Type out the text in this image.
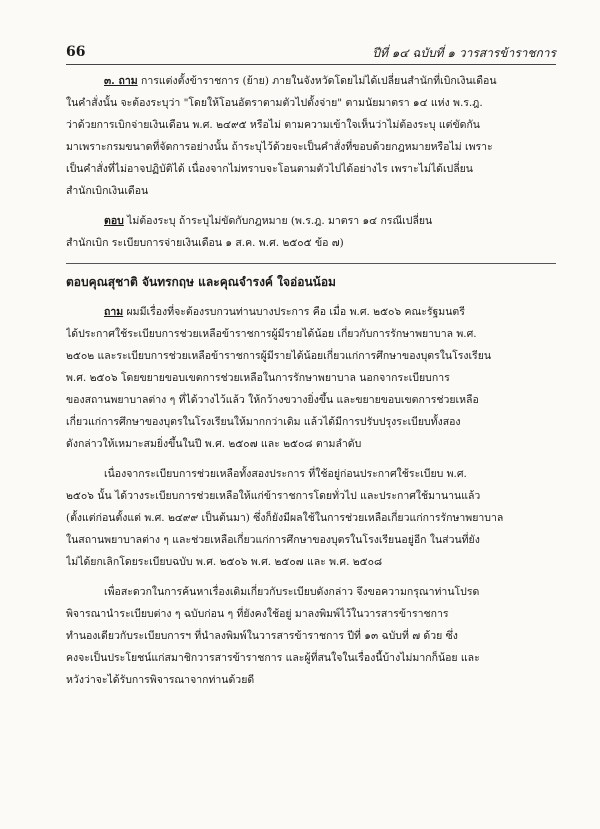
66	ปีที่ ๑๔ ฉบับที่ ๑ วารสารข้าราชการ
๓. ถาม การแต่งตั้งข้าราชการ (ย้าย) ภายในจังหวัดโดยไม่ได้เปลี่ยนสำนักที่เบิกเงินเดือน
ในคำสั่งนั้น จะต้องระบุว่า "โดยให้โอนอัตราตามตัวไปตั้งจ่าย" ตามนัยมาตรา ๑๔ แห่ง พ.ร.ฎ.
ว่าด้วยการเบิกจ่ายเงินเดือน พ.ศ. ๒๔๙๕ หรือไม่ ตามความเข้าใจเห็นว่าไม่ต้องระบุ แต่ขัดกัน
มาเพราะกรมขนาดที่จัดการอย่างนั้น ถ้าระบุไว้ด้วยจะเป็นคำสั่งที่ขอบด้วยกฎหมายหรือไม่ เพราะ
เป็นคำสั่งที่ไม่อาจปฏิบัติได้ เนื่องจากไม่ทราบจะโอนตามตัวไปได้อย่างไร เพราะไม่ได้เปลี่ยน
สำนักเบิกเงินเดือน
ตอบ ไม่ต้องระบุ ถ้าระบุไม่ขัดกับกฎหมาย (พ.ร.ฎ. มาตรา ๑๔ กรณีเปลี่ยน
สำนักเบิก ระเบียบการจ่ายเงินเดือน ๑ ส.ค. พ.ศ. ๒๕๐๕ ข้อ ๗)
ตอบคุณสุชาติ จันทรกฤษ และคุณจำรงค์ ใจอ่อนน้อม
ถาม ผมมีเรื่องที่จะต้องรบกวนท่านบางประการ คือ เมื่อ พ.ศ. ๒๕๐๖ คณะรัฐมนตรี
ได้ประกาศใช้ระเบียบการช่วยเหลือข้าราชการผู้มีรายได้น้อย เกี่ยวกับการรักษาพยาบาล พ.ศ.
๒๕๐๒ และระเบียบการช่วยเหลือข้าราชการผู้มีรายได้น้อยเกี่ยวแก่การศึกษาของบุตรในโรงเรียน
พ.ศ. ๒๕๐๖ โดยขยายขอบเขตการช่วยเหลือในการรักษาพยาบาล นอกจากระเบียบการ
ของสถานพยาบาลต่าง ๆ ที่ได้วางไว้แล้ว ให้กว้างขวางยิ่งขึ้น และขยายขอบเขตการช่วยเหลือ
เกี่ยวแก่การศึกษาของบุตรในโรงเรียนให้มากกว่าเดิม แล้วได้มีการปรับปรุงระเบียบทั้งสอง
ดังกล่าวให้เหมาะสมยิ่งขึ้นในปี พ.ศ. ๒๕๐๗ และ ๒๕๐๘ ตามลำดับ
เนื่องจากระเบียบการช่วยเหลือทั้งสองประการ ที่ใช้อยู่ก่อนประกาศใช้ระเบียบ พ.ศ.
๒๕๐๖ นั้น ได้วางระเบียบการช่วยเหลือให้แก่ข้าราชการโดยทั่วไป และประกาศใช้มานานแล้ว
(ตั้งแต่ก่อนตั้งแต่ พ.ศ. ๒๔๙๙ เป็นต้นมา) ซึ่งก็ยังมีผลใช้ในการช่วยเหลือเกี่ยวแก่การรักษาพยาบาล
ในสถานพยาบาลต่าง ๆ และช่วยเหลือเกี่ยวแก่การศึกษาของบุตรในโรงเรียนอยู่อีก ในส่วนที่ยัง
ไม่ได้ยกเลิกโดยระเบียบฉบับ พ.ศ. ๒๕๐๖ พ.ศ. ๒๕๐๗ และ พ.ศ. ๒๕๐๘
เพื่อสะดวกในการค้นหาเรื่องเดิมเกี่ยวกับระเบียบดังกล่าว จึงขอความกรุณาท่านโปรด
พิจารณานำระเบียบต่าง ๆ ฉบับก่อน ๆ ที่ยังคงใช้อยู่ มาลงพิมพ์ไว้ในวารสารข้าราชการ
ทำนองเดียวกับระเบียบการฯ ที่นำลงพิมพ์ในวารสารข้าราชการ ปีที่ ๑๓ ฉบับที่ ๗ ด้วย ซึ่ง
คงจะเป็นประโยชน์แก่สมาชิกวารสารข้าราชการ และผู้ที่สนใจในเรื่องนี้บ้างไม่มากก็น้อย และ
หวังว่าจะได้รับการพิจารณาจากท่านด้วยดี
